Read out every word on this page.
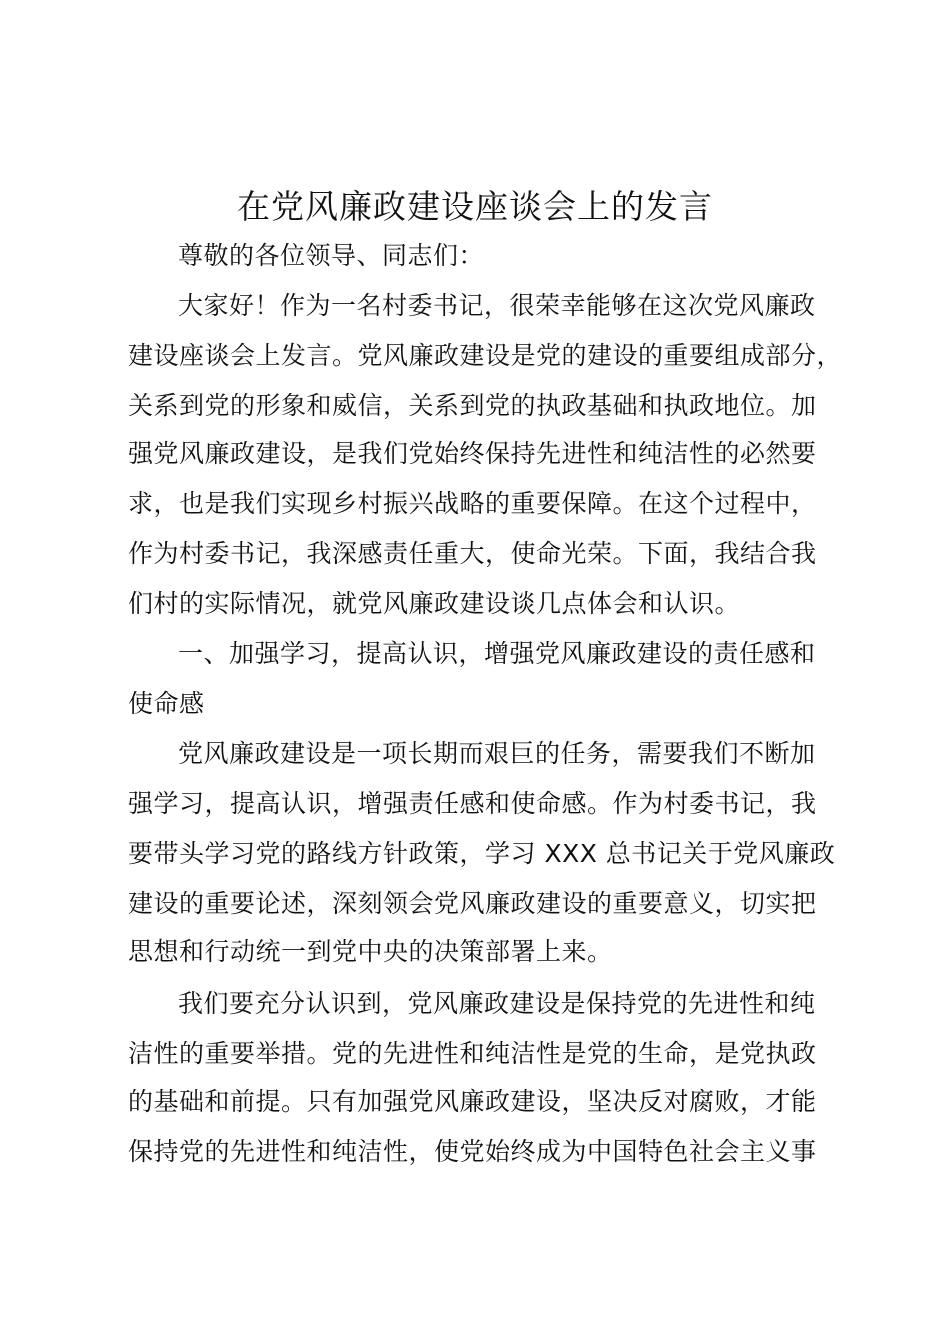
在党风廉政建设座谈会上的发言
尊敬的各位领导、同志们：
大家好！作为一名村委书记，很荣幸能够在这次党风廉政
建设座谈会上发言。党风廉政建设是党的建设的重要组成部分，
关系到党的形象和威信，关系到党的执政基础和执政地位。加
强党风廉政建设，是我们党始终保持先进性和纯洁性的必然要
求，也是我们实现乡村振兴战略的重要保障。在这个过程中，
作为村委书记，我深感责任重大，使命光荣。下面，我结合我
们村的实际情况，就党风廉政建设谈几点体会和认识。
一、加强学习，提高认识，增强党风廉政建设的责任感和
使命感
党风廉政建设是一项长期而艰巨的任务，需要我们不断加
强学习，提高认识，增强责任感和使命感。作为村委书记，我
要带头学习党的路线方针政策，学习 XXX 总书记关于党风廉政
建设的重要论述，深刻领会党风廉政建设的重要意义，切实把
思想和行动统一到党中央的决策部署上来。
我们要充分认识到，党风廉政建设是保持党的先进性和纯
洁性的重要举措。党的先进性和纯洁性是党的生命，是党执政
的基础和前提。只有加强党风廉政建设，坚决反对腐败，才能
保持党的先进性和纯洁性，使党始终成为中国特色社会主义事
